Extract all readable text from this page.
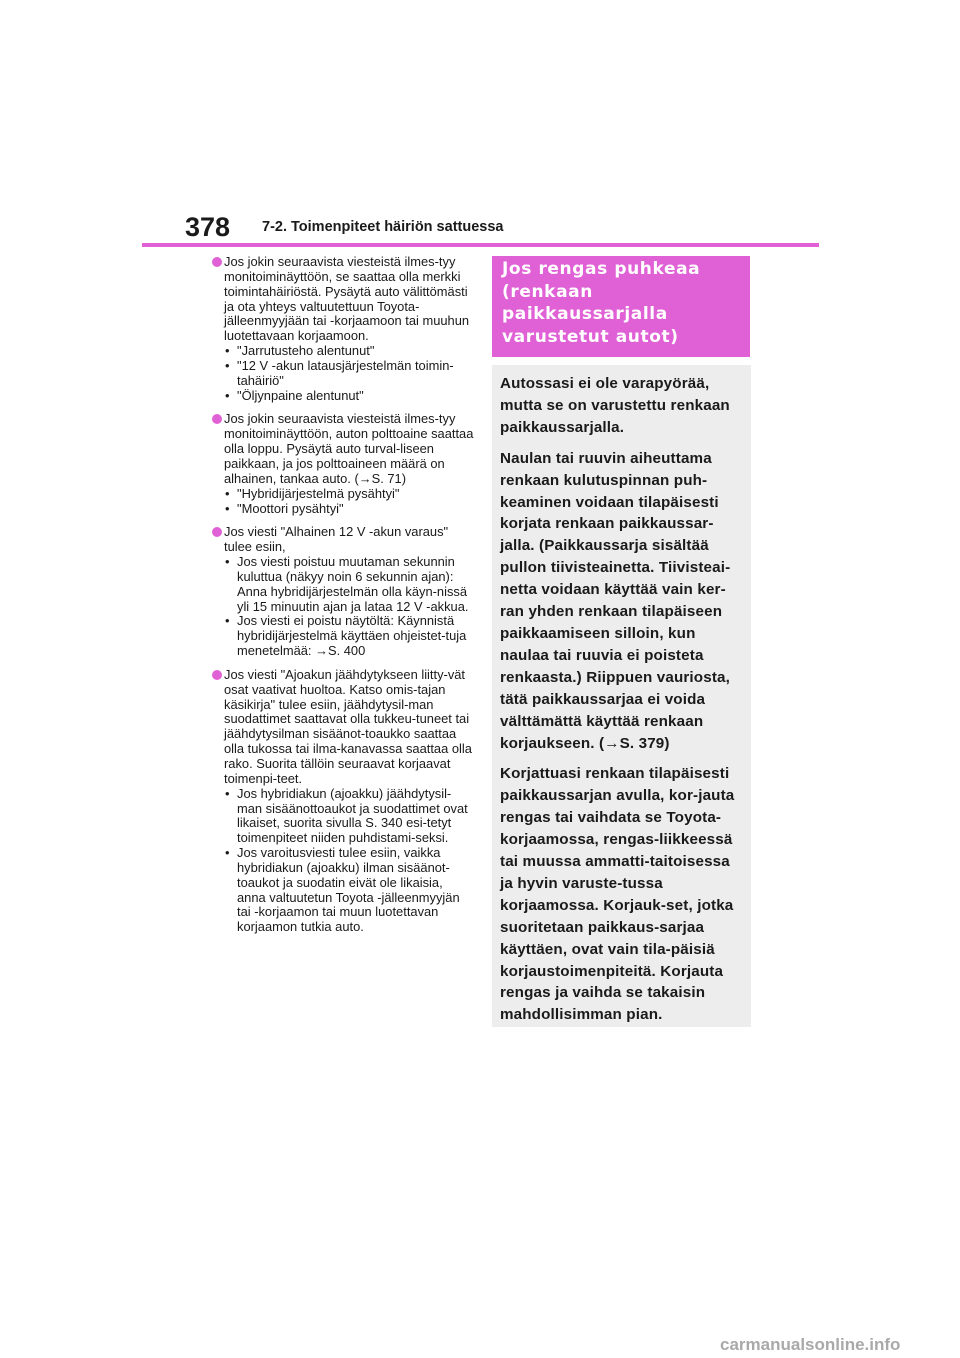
378 7-2. Toimenpiteet häiriön sattuessa
Jos jokin seuraavista viesteistä ilmes-tyy monitoiminäyttöön, se saattaa olla merkki toimintahäiriöstä. Pysäytä auto välittömästi ja ota yhteys valtuutettuun Toyota-jälleenmyyjään tai -korjaamoon tai muuhun luotettavaan korjaamoon.
• "Jarrutusteho alentunut"
• "12 V -akun latausjärjestelmän toimin-tahäiriö"
• "Öljynpaine alentunut"
Jos jokin seuraavista viesteistä ilmes-tyy monitoiminäyttöön, auton polttoaine saattaa olla loppu. Pysäytä auto turval-liseen paikkaan, ja jos polttoaineen määrä on alhainen, tankaa auto. (→S. 71)
• "Hybridijärjestelmä pysähtyi"
• "Moottori pysähtyi"
Jos viesti "Alhainen 12 V -akun varaus" tulee esiin,
• Jos viesti poistuu muutaman sekunnin kuluttua (näkyy noin 6 sekunnin ajan): Anna hybridijärjestelmän olla käyn-nissä yli 15 minuutin ajan ja lataa 12 V -akkua.
• Jos viesti ei poistu näytöltä: Käynnistä hybridijärjestelmä käyttäen ohjeistet-tuja menetelmää: →S. 400
Jos viesti "Ajoakun jäähdytykseen liitty-vät osat vaativat huoltoa. Katso omis-tajan käsikirja" tulee esiin, jäähdytysil-man suodattimet saattavat olla tukkeu-tuneet tai jäähdytysilman sisäänot-toaukko saattaa olla tukossa tai ilma-kanavassa saattaa olla rako. Suorita tällöin seuraavat korjaavat toimenpi-teet.
• Jos hybridiakun (ajoakku) jäähdytysil-man sisäänottoaukot ja suodattimet ovat likaiset, suorita sivulla S. 340 esi-tetyt toimenpiteet niiden puhdistami-seksi.
• Jos varoitusviesti tulee esiin, vaikka hybridiakun (ajoakku) ilman sisäänot-toaukot ja suodatin eivät ole likaisia, anna valtuutetun Toyota -jälleenmyyjän tai -korjaamon tai muun luotettavan korjaamon tutkia auto.
Jos rengas puhkeaa
(renkaan
paikkaussarjalla
varustetut autot)

Autossasi ei ole varapyörää, mutta se on varustettu renkaan paikkaussarjalla.

Naulan tai ruuvin aiheuttama renkaan kulutuspinnan puh-keaminen voidaan tilapäisesti korjata renkaan paikkaussar-jalla. (Paikkaussarja sisältää pullon tiivisteainetta. Tiivisteai-netta voidaan käyttää vain ker-ran yhden renkaan tilapäiseen paikkaamiseen silloin, kun naulaa tai ruuvia ei poisteta renkaasta.) Riippuen vauriosta, tätä paikkaussarjaa ei voida välttämättä käyttää renkaan korjaukseen. (→S. 379)

Korjattuasi renkaan tilapäisesti paikkaussarjan avulla, kor-jauta rengas tai vaihdata se Toyota-korjaamossa, rengas-liikkeessä tai muussa ammatti-taitoisessa ja hyvin varuste-tussa korjaamossa. Korjauk-set, jotka suoritetaan paikkaus-sarjaa käyttäen, ovat vain tila-päisiä korjaustoimenpiteitä. Korjauta rengas ja vaihda se takaisin mahdollisimman pian.

carmanualsonline.info
